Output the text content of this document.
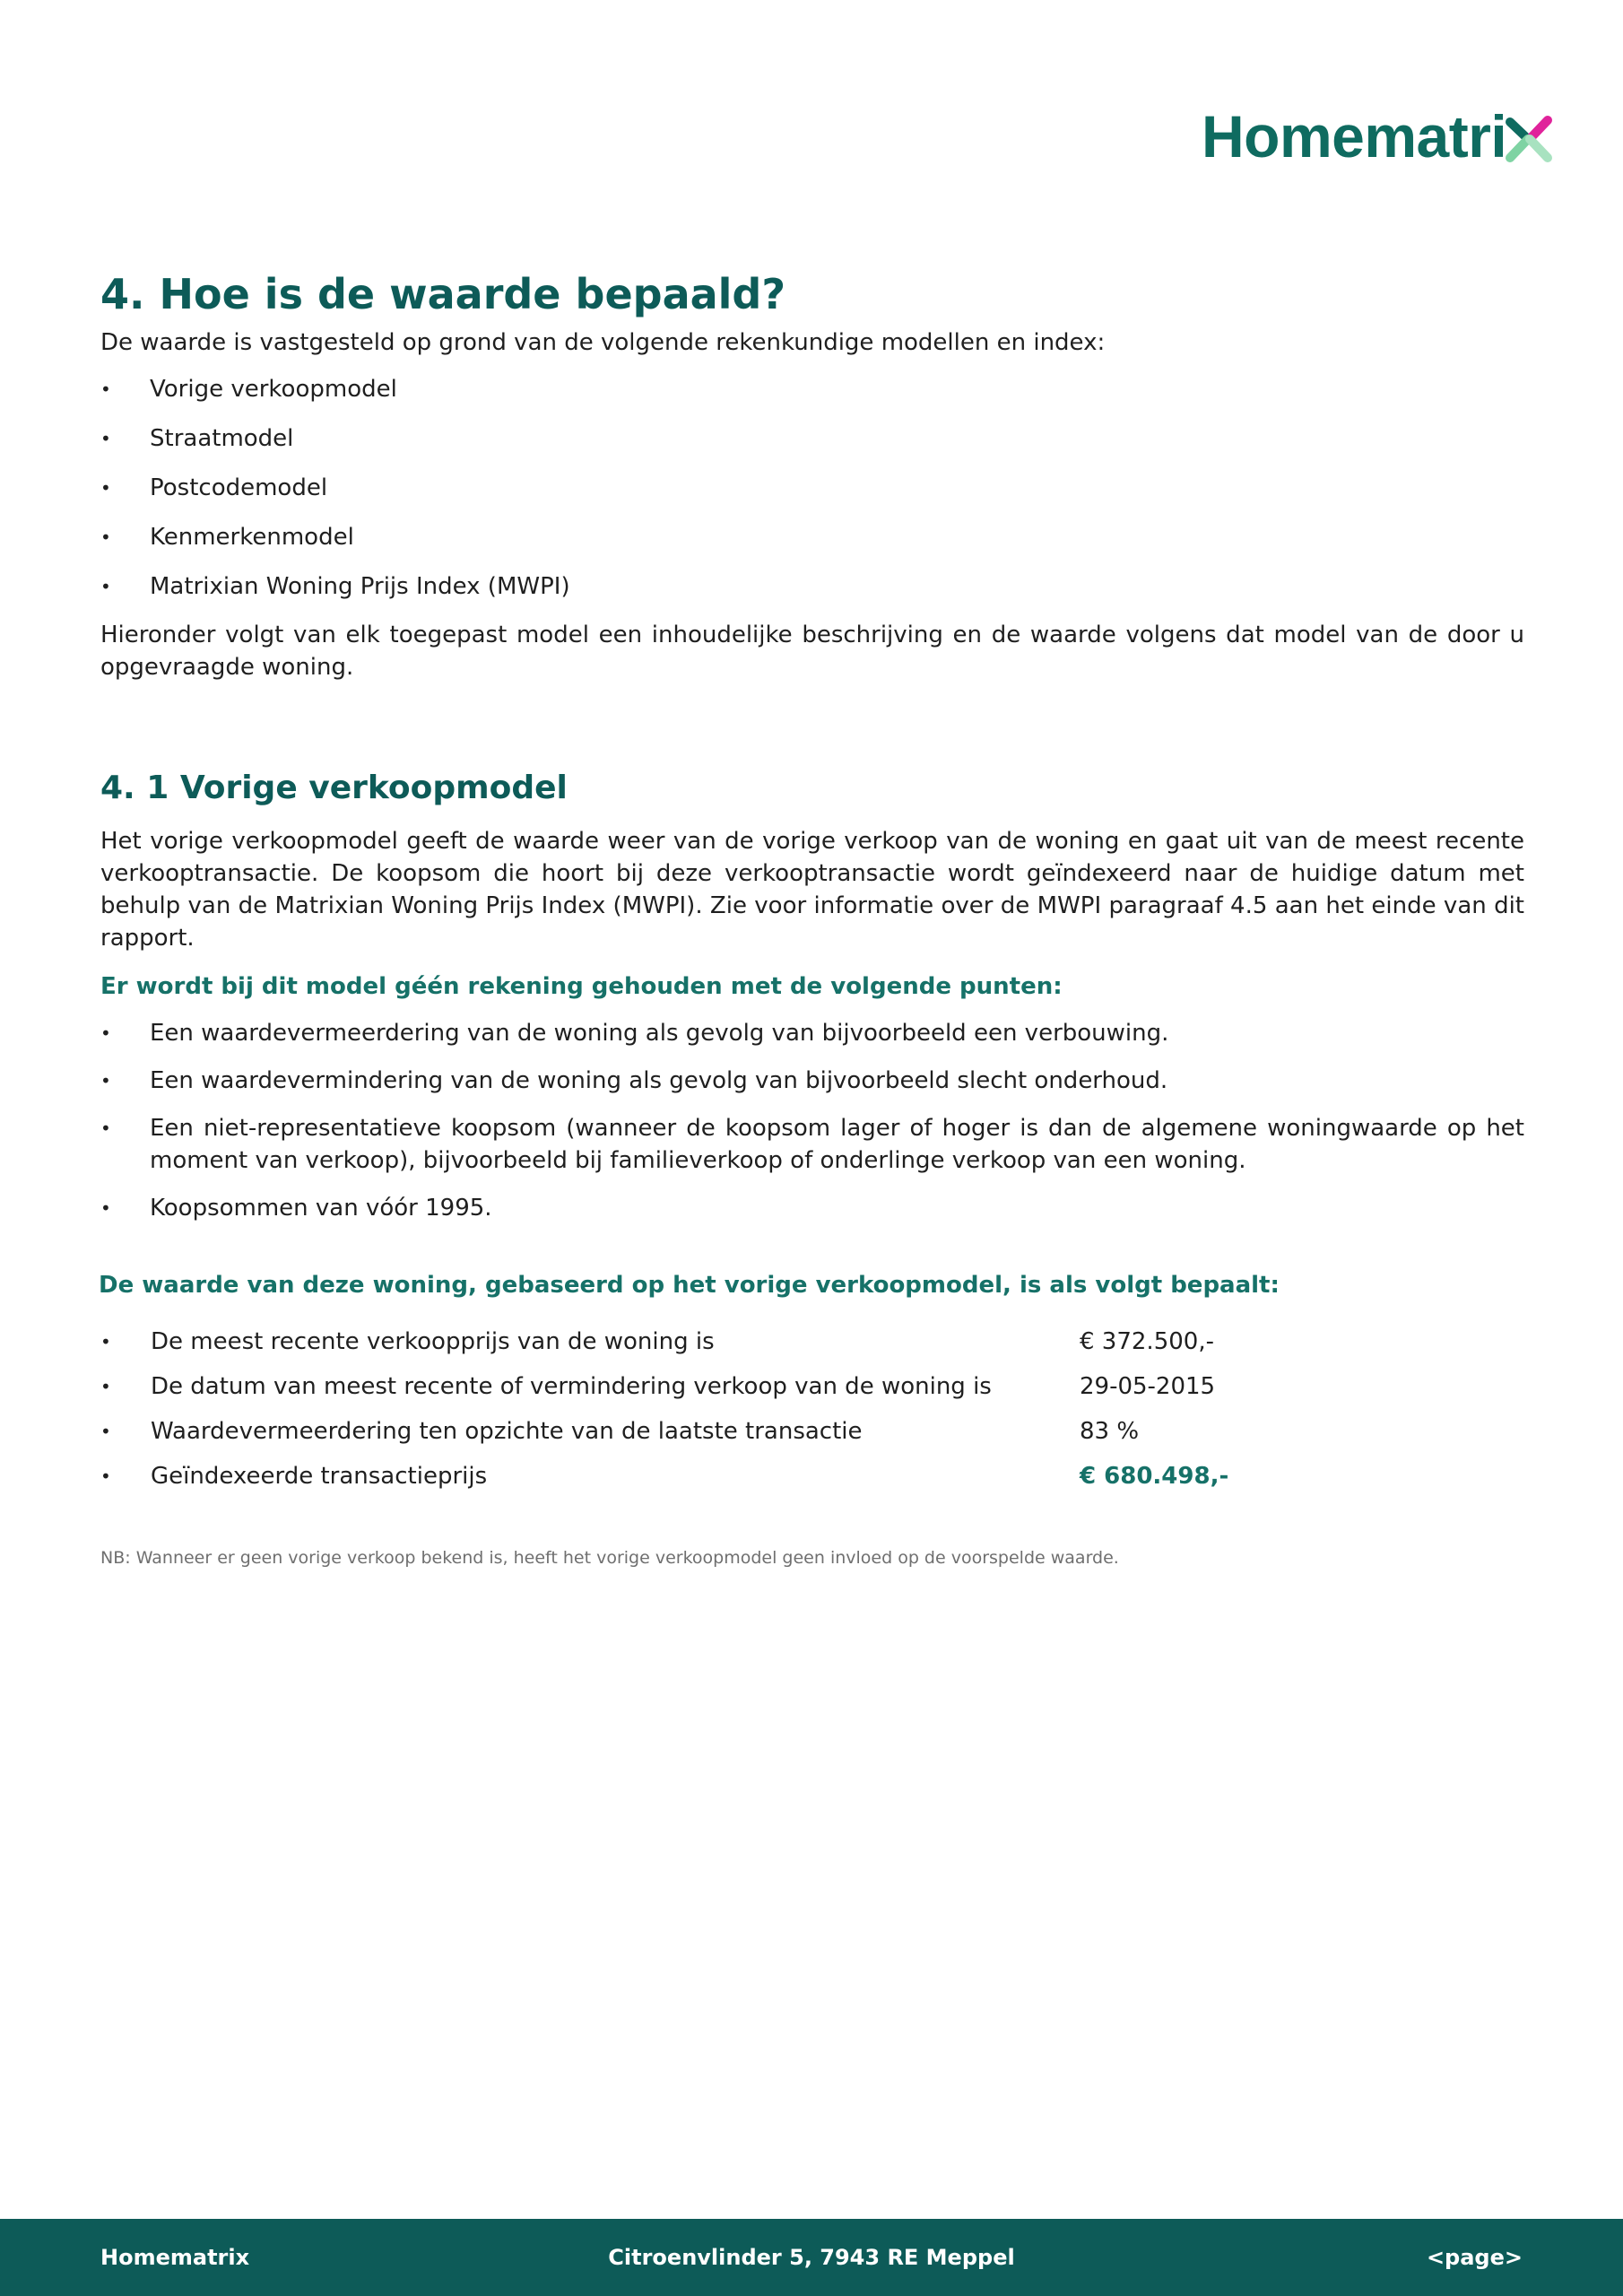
Homematri
4. Hoe is de waarde bepaald?

De waarde is vastgesteld op grond van de volgende rekenkundige modellen en index:

•	Vorige verkoopmodel
•	Straatmodel
•	Postcodemodel
•	Kenmerkenmodel
•	Matrixian Woning Prijs Index (MWPI)

Hieronder volgt van elk toegepast model een inhoudelijke beschrijving en de waarde volgens dat model van de door u opgevraagde woning.

4. 1 Vorige verkoopmodel

Het vorige verkoopmodel geeft de waarde weer van de vorige verkoop van de woning en gaat uit van de meest recente verkooptransactie. De koopsom die hoort bij deze verkooptransactie wordt geïndexeerd naar de huidige datum met behulp van de Matrixian Woning Prijs Index (MWPI). Zie voor informatie over de MWPI paragraaf 4.5 aan het einde van dit rapport.

Er wordt bij dit model géén rekening gehouden met de volgende punten:

•	Een waardevermeerdering van de woning als gevolg van bijvoorbeeld een verbouwing.
•	Een waardevermindering van de woning als gevolg van bijvoorbeeld slecht onderhoud.
•	Een niet-representatieve koopsom (wanneer de koopsom lager of hoger is dan de algemene woningwaarde op het moment van verkoop), bijvoorbeeld bij familieverkoop of onderlinge verkoop van een woning.
•	Koopsommen van vóór 1995.

De waarde van deze woning, gebaseerd op het vorige verkoopmodel, is als volgt bepaalt:

•	De meest recente verkoopprijs van de woning is	€ 372.500,-
•	De datum van meest recente of vermindering verkoop van de woning is	29-05-2015
•	Waardevermeerdering ten opzichte van de laatste transactie	83 %
•	Geïndexeerde transactieprijs	€ 680.498,-

NB: Wanneer er geen vorige verkoop bekend is, heeft het vorige verkoopmodel geen invloed op de voorspelde waarde.

Homematrix	Citroenvlinder 5, 7943 RE Meppel	<page>
